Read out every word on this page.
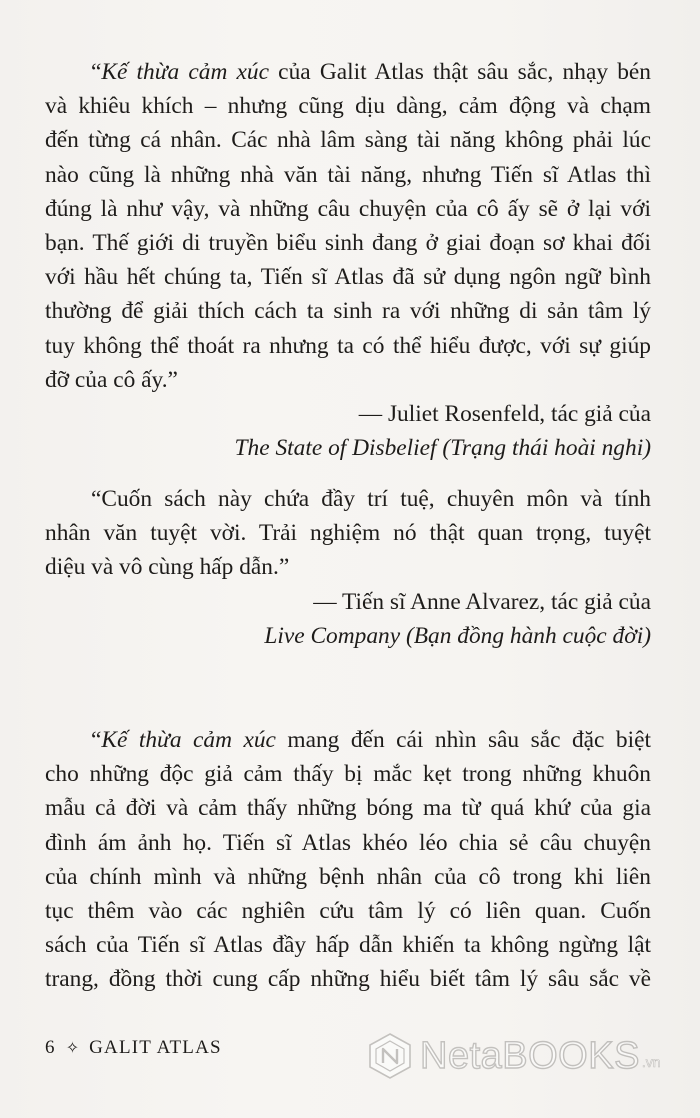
“Kế thừa cảm xúc của Galit Atlas thật sâu sắc, nhạy bén
và khiêu khích – nhưng cũng dịu dàng, cảm động và chạm
đến từng cá nhân. Các nhà lâm sàng tài năng không phải lúc
nào cũng là những nhà văn tài năng, nhưng Tiến sĩ Atlas thì
đúng là như vậy, và những câu chuyện của cô ấy sẽ ở lại với
bạn. Thế giới di truyền biểu sinh đang ở giai đoạn sơ khai đối
với hầu hết chúng ta, Tiến sĩ Atlas đã sử dụng ngôn ngữ bình
thường để giải thích cách ta sinh ra với những di sản tâm lý
tuy không thể thoát ra nhưng ta có thể hiểu được, với sự giúp
đỡ của cô ấy.”
— Juliet Rosenfeld, tác giả của
The State of Disbelief (Trạng thái hoài nghi)
“Cuốn sách này chứa đầy trí tuệ, chuyên môn và tính
nhân văn tuyệt vời. Trải nghiệm nó thật quan trọng, tuyệt
diệu và vô cùng hấp dẫn.”
— Tiến sĩ Anne Alvarez, tác giả của
Live Company (Bạn đồng hành cuộc đời)
“Kế thừa cảm xúc mang đến cái nhìn sâu sắc đặc biệt
cho những độc giả cảm thấy bị mắc kẹt trong những khuôn
mẫu cả đời và cảm thấy những bóng ma từ quá khứ của gia
đình ám ảnh họ. Tiến sĩ Atlas khéo léo chia sẻ câu chuyện
của chính mình và những bệnh nhân của cô trong khi liên
tục thêm vào các nghiên cứu tâm lý có liên quan. Cuốn
sách của Tiến sĩ Atlas đầy hấp dẫn khiến ta không ngừng lật
trang, đồng thời cung cấp những hiểu biết tâm lý sâu sắc về
6 ✧ GALIT ATLAS	NetaBOOKS .vn
